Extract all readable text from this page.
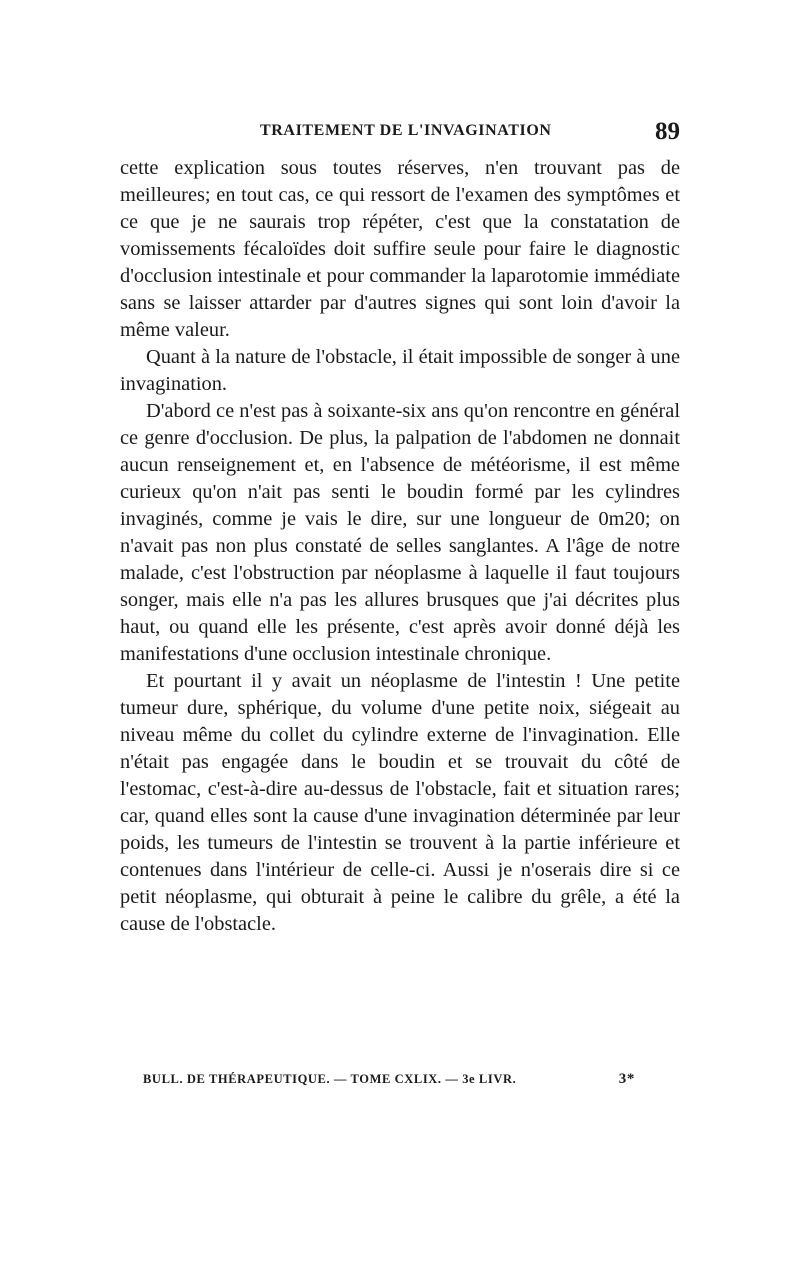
TRAITEMENT DE L'INVAGINATION	89

cette explication sous toutes réserves, n'en trouvant pas de meilleures; en tout cas, ce qui ressort de l'examen des symptômes et ce que je ne saurais trop répéter, c'est que la constatation de vomissements fécaloïdes doit suffire seule pour faire le diagnostic d'occlusion intestinale et pour commander la laparotomie immédiate sans se laisser attarder par d'autres signes qui sont loin d'avoir la même valeur.

Quant à la nature de l'obstacle, il était impossible de songer à une invagination.

D'abord ce n'est pas à soixante-six ans qu'on rencontre en général ce genre d'occlusion. De plus, la palpation de l'abdomen ne donnait aucun renseignement et, en l'absence de météorisme, il est même curieux qu'on n'ait pas senti le boudin formé par les cylindres invaginés, comme je vais le dire, sur une longueur de 0m20; on n'avait pas non plus constaté de selles sanglantes. A l'âge de notre malade, c'est l'obstruction par néoplasme à laquelle il faut toujours songer, mais elle n'a pas les allures brusques que j'ai décrites plus haut, ou quand elle les présente, c'est après avoir donné déjà les manifestations d'une occlusion intestinale chronique.

Et pourtant il y avait un néoplasme de l'intestin ! Une petite tumeur dure, sphérique, du volume d'une petite noix, siégeait au niveau même du collet du cylindre externe de l'invagination. Elle n'était pas engagée dans le boudin et se trouvait du côté de l'estomac, c'est-à-dire au-dessus de l'obstacle, fait et situation rares; car, quand elles sont la cause d'une invagination déterminée par leur poids, les tumeurs de l'intestin se trouvent à la partie inférieure et contenues dans l'intérieur de celle-ci. Aussi je n'oserais dire si ce petit néoplasme, qui obturait à peine le calibre du grêle, a été la cause de l'obstacle.

BULL. DE THÉRAPEUTIQUE. — TOME CXLIX. — 3e LIVR.	3*
